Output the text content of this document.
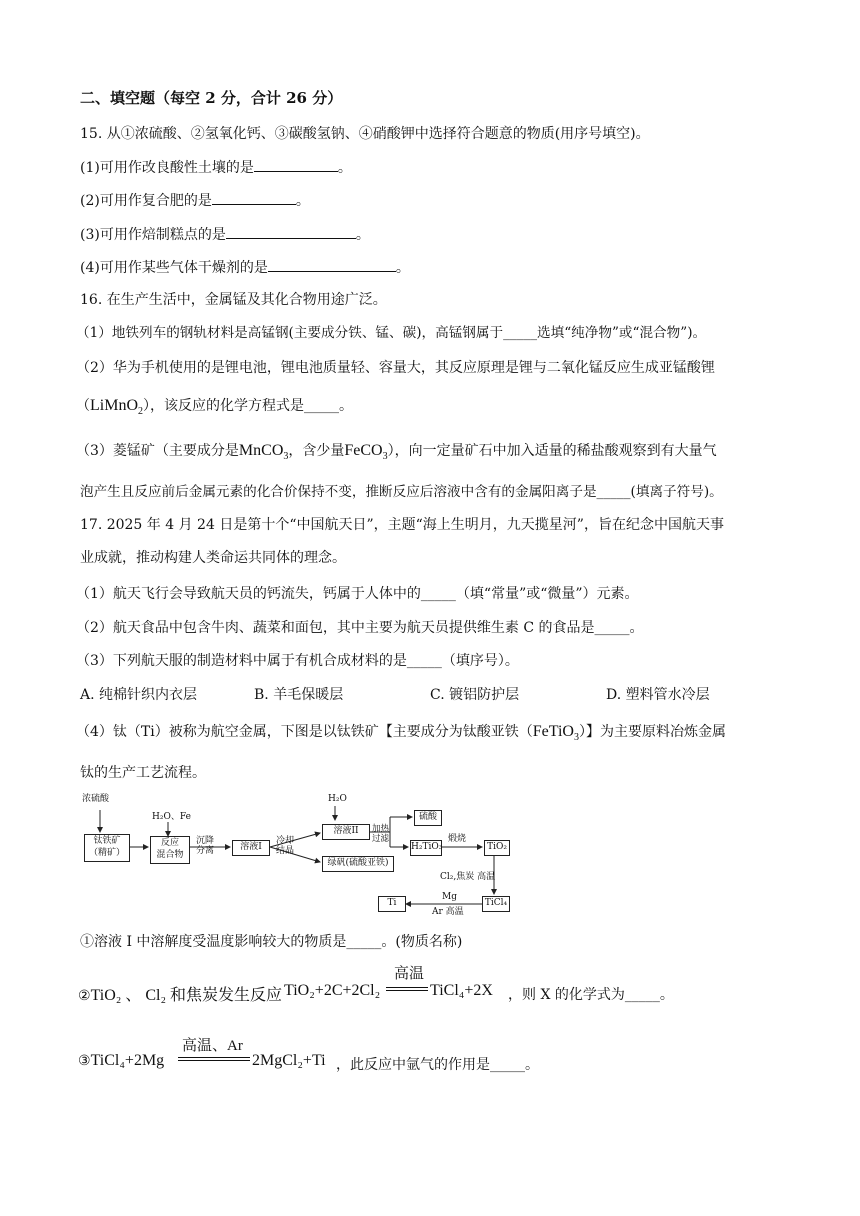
二、填空题（每空 2 分，合计 26 分）
15. 从①浓硫酸、②氢氧化钙、③碳酸氢钠、④硝酸钾中选择符合题意的物质(用序号填空)。
(1)可用作改良酸性土壤的是	。
(2)可用作复合肥的是	。
(3)可用作焙制糕点的是	。
(4)可用作某些气体干燥剂的是	。
16. 在生产生活中，金属锰及其化合物用途广泛。
（1）地铁列车的钢轨材料是高锰钢(主要成分铁、锰、碳)，高锰钢属于_____选填“纯净物”或“混合物”)。
（2）华为手机使用的是锂电池，锂电池质量轻、容量大，其反应原理是锂与二氧化锰反应生成亚锰酸锂
（LiMnO$_2$），该反应的化学方程式是_____。
（3）菱锰矿（主要成分是MnCO$_3$，含少量FeCO$_3$），向一定量矿石中加入适量的稀盐酸观察到有大量气
泡产生且反应前后金属元素的化合价保持不变，推断反应后溶液中含有的金属阳离子是_____(填离子符号)。
17. 2025 年 4 月 24 日是第十个“中国航天日”，主题“海上生明月，九天揽星河”，旨在纪念中国航天事
业成就，推动构建人类命运共同体的理念。
（1）航天飞行会导致航天员的钙流失，钙属于人体中的_____（填“常量”或“微量”）元素。
（2）航天食品中包含牛肉、蔬菜和面包，其中主要为航天员提供维生素 C 的食品是_____。
（3）下列航天服的制造材料中属于有机合成材料的是_____（填序号）。
A. 纯棉针织内衣层	B. 羊毛保暖层	C. 镀铝防护层	D. 塑料管水冷层
（4）钛（Ti）被称为航空金属，下图是以钛铁矿【主要成分为钛酸亚铁（FeTiO$_3$）】为主要原料冶炼金属
钛的生产工艺流程。
浓硫酸
钛铁矿
（精矿）
H₂O、Fe
反应
混合物
沉降
分离	溶液I
冷却
结晶
H₂O
溶液II	加热
过滤
硫酸
H₂TiO₃
煅烧
TiO₂
绿矾(硫酸亚铁)
Cl₂,焦炭 高温
TiCl₄
Mg
Ar 高温
Ti
①溶液 I 中溶解度受温度影响较大的物质是_____。(物质名称)
②TiO₂ 、 Cl₂ 和焦炭发生反应 TiO₂+2C+2Cl₂
高温
TiCl₄+2X ，则 X 的化学式为_____。
③TiCl₄+2Mg
高温、Ar
2MgCl₂+Ti ，此反应中氩气的作用是_____。
